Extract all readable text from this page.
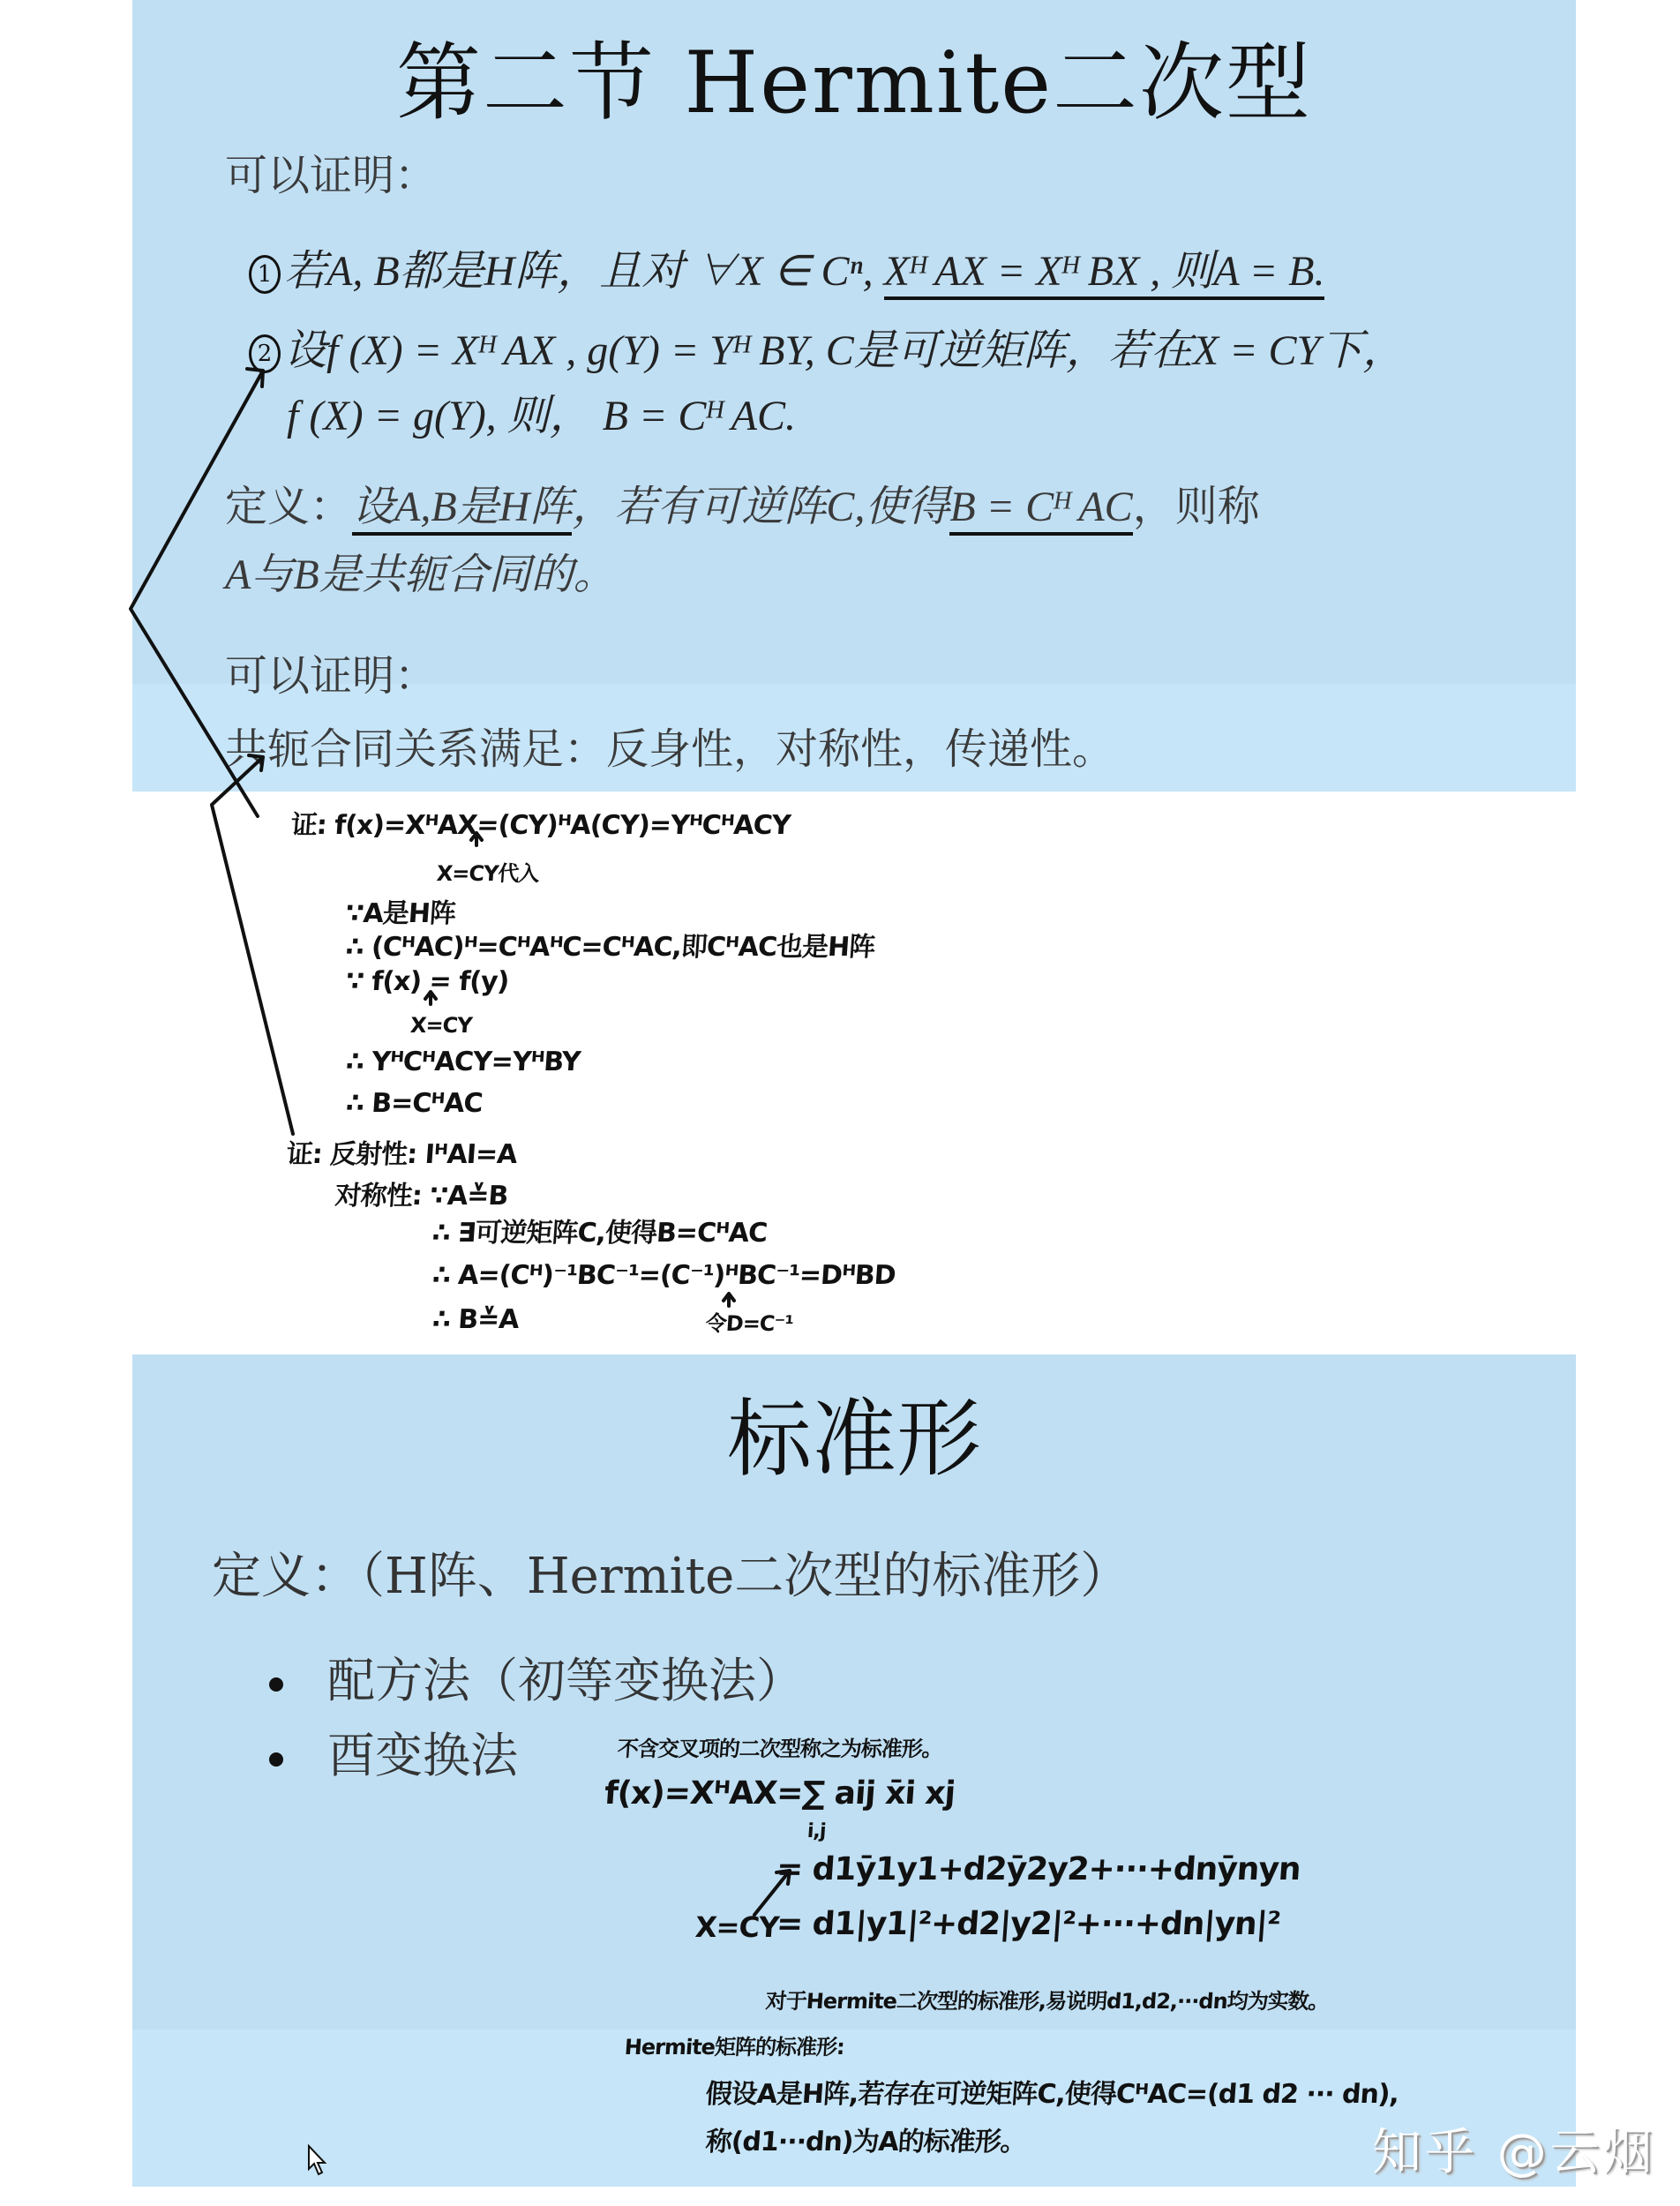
第二节 Hermite二次型
可以证明：
1 若A, B都是H阵，且对 ∀X ∈ Cⁿ, Xᴴ AX = Xᴴ BX , 则A = B.
2 设f (X) = Xᴴ AX , g(Y) = Yᴴ BY, C是可逆矩阵，若在X = CY下，
f (X) = g(Y), 则， B = Cᴴ AC.
定义：设A,B是H阵，若有可逆阵C,使得B = Cᴴ AC，则称
A与B是共轭合同的。
可以证明：
共轭合同关系满足：反身性，对称性，传递性。
证: f(x)=XᴴAX=(CY)ᴴA(CY)=YᴴCᴴACY
X=CY代入
∵A是H阵
∴ (CᴴAC)ᴴ=CᴴAᴴC=CᴴAC,即CᴴAC也是H阵
∵ f(x) = f(y)
X=CY
∴ YᴴCᴴACY=YᴴBY
∴ B=CᴴAC
证: 反射性: IᴴAI=A
对称性: ∵A≚B
∴ ∃可逆矩阵C,使得B=CᴴAC
∴ A=(Cᴴ)⁻¹BC⁻¹=(C⁻¹)ᴴBC⁻¹=DᴴBD
令D=C⁻¹
∴ B≚A
标准形
定义：（H阵、Hermite二次型的标准形）
配方法（初等变换法）
酉变换法	不含交叉项的二次型称之为标准形。
f(x)=XᴴAX=∑ aij x̄i xj
i,j
= d1ȳ1y1+d2ȳ2y2+···+dnȳnyn
X=CY
= d1|y1|²+d2|y2|²+···+dn|yn|²
对于Hermite二次型的标准形,易说明d1,d2,···dn均为实数。
Hermite矩阵的标准形:
假设A是H阵,若存在可逆矩阵C,使得CᴴAC=(d1 d2 ··· dn),
称(d1···dn)为A的标准形。	知乎 @云烟
